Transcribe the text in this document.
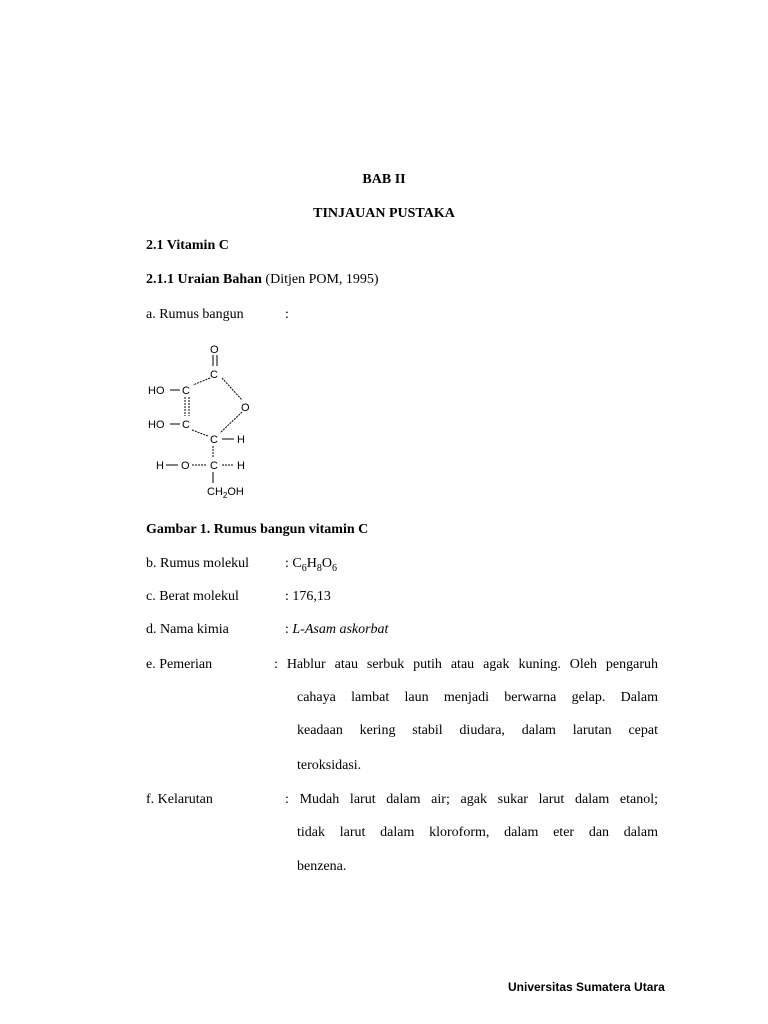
BAB II
TINJAUAN PUSTAKA
2.1 Vitamin C
2.1.1 Uraian Bahan (Ditjen POM, 1995)
a. Rumus bangun	:
O
C
HO C
O
HO C
C H
H O C H
$CH_2OH$
Gambar 1. Rumus bangun vitamin C
b. Rumus molekul	: $C_6H_8O_6$
c. Berat molekul	: 176,13
d. Nama kimia	: L-Asam askorbat
e. Pemerian	: Hablur atau serbuk putih atau agak kuning. Oleh pengaruh
cahaya lambat laun menjadi berwarna gelap. Dalam
keadaan kering stabil diudara, dalam larutan cepat
teroksidasi.
f. Kelarutan	: Mudah larut dalam air; agak sukar larut dalam etanol;
tidak larut dalam kloroform, dalam eter dan dalam
benzena.
Universitas Sumatera Utara
